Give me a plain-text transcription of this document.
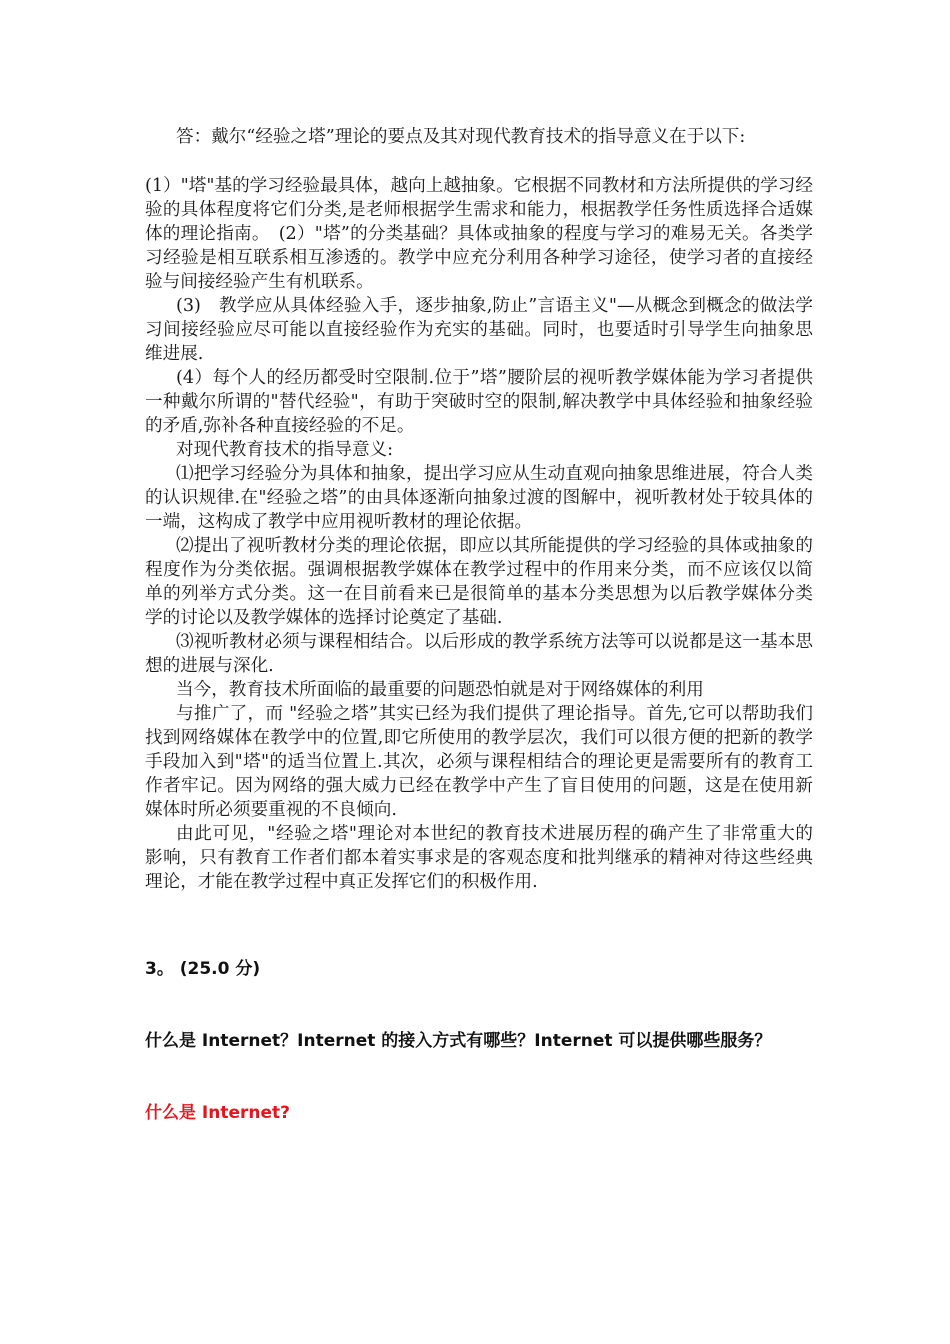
答：戴尔“经验之塔”理论的要点及其对现代教育技术的指导意义在于以下:

(1）"塔"基的学习经验最具体，越向上越抽象。它根据不同教材和方法所提供的学习经验的具体程度将它们分类,是老师根据学生需求和能力，根据教学任务性质选择合适媒体的理论指南。　(2）"塔”的分类基础？具体或抽象的程度与学习的难易无关。各类学习经验是相互联系相互渗透的。教学中应充分利用各种学习途径，使学习者的直接经验与间接经验产生有机联系。

(3)　教学应从具体经验入手，逐步抽象,防止”言语主义"—从概念到概念的做法学习间接经验应尽可能以直接经验作为充实的基础。同时，也要适时引导学生向抽象思维进展.

(4）每个人的经历都受时空限制.位于”塔”腰阶层的视听教学媒体能为学习者提供一种戴尔所谓的"替代经验"，有助于突破时空的限制,解决教学中具体经验和抽象经验的矛盾,弥补各种直接经验的不足。

对现代教育技术的指导意义:

⑴把学习经验分为具体和抽象，提出学习应从生动直观向抽象思维进展，符合人类的认识规律.在"经验之塔”的由具体逐渐向抽象过渡的图解中，视听教材处于较具体的一端，这构成了教学中应用视听教材的理论依据。

⑵提出了视听教材分类的理论依据，即应以其所能提供的学习经验的具体或抽象的程度作为分类依据。强调根据教学媒体在教学过程中的作用来分类，而不应该仅以简单的列举方式分类。这一在目前看来已是很简单的基本分类思想为以后教学媒体分类学的讨论以及教学媒体的选择讨论奠定了基础.

⑶视听教材必须与课程相结合。以后形成的教学系统方法等可以说都是这一基本思想的进展与深化.

当今，教育技术所面临的最重要的问题恐怕就是对于网络媒体的利用

与推广了，而 "经验之塔”其实已经为我们提供了理论指导。首先,它可以帮助我们找到网络媒体在教学中的位置,即它所使用的教学层次，我们可以很方便的把新的教学手段加入到"塔"的适当位置上.其次，必须与课程相结合的理论更是需要所有的教育工作者牢记。因为网络的强大威力已经在教学中产生了盲目使用的问题，这是在使用新媒体时所必须要重视的不良倾向.

由此可见，"经验之塔"理论对本世纪的教育技术进展历程的确产生了非常重大的 影响，只有教育工作者们都本着实事求是的客观态度和批判继承的精神对待这些经典理论，才能在教学过程中真正发挥它们的积极作用.

3。 (25.0 分)
什么是 Internet？Internet 的接入方式有哪些？Internet 可以提供哪些服务？
什么是 Internet?
